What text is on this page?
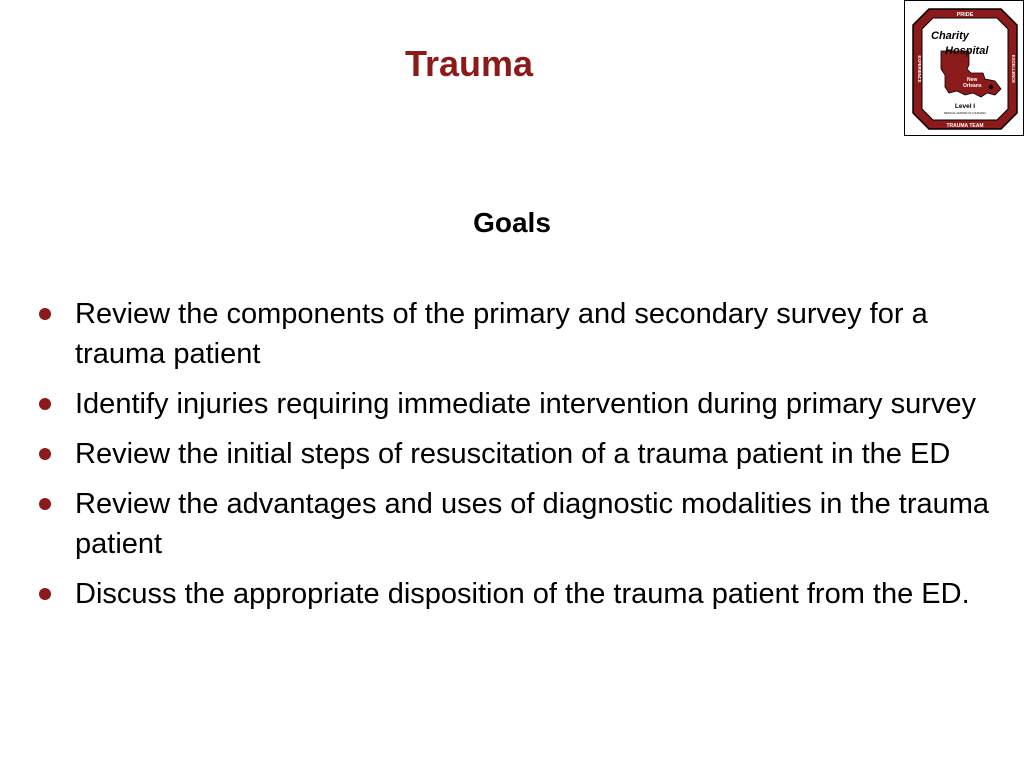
Trauma
PRIDE
TRAUMA TEAM
EXPERIENCE	EXCELLENCE
Charity
Hospital
New
Orleans
Level I
MEDICAL CENTER OF LOUISIANA
Goals
Review the components of the primary and secondary survey for a trauma patient
Identify injuries requiring immediate intervention during primary survey
Review the initial steps of resuscitation of a trauma patient in the ED
Review the advantages and uses of diagnostic modalities in the trauma patient
Discuss the appropriate disposition of the trauma patient from the ED.
